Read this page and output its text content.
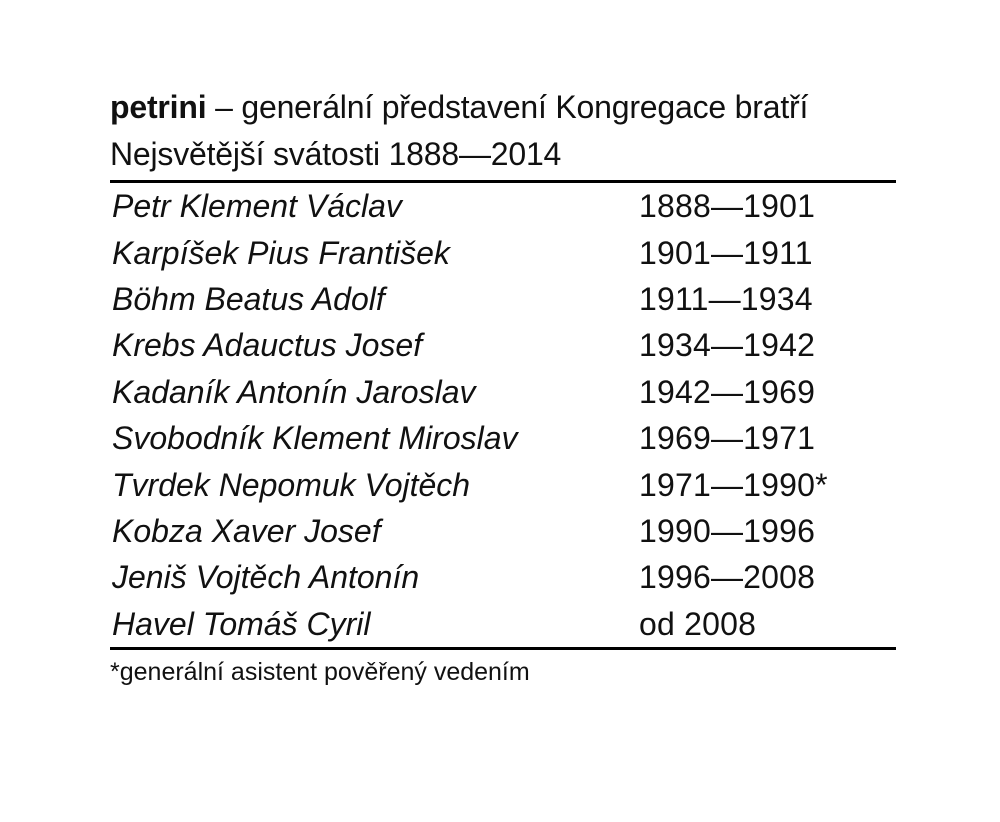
petrini – generální představení Kongregace bratří
Nejsvětější svátosti 1888—2014
Petr Klement Václav	1888—1901
Karpíšek Pius František	1901—1911
Böhm Beatus Adolf	1911—1934
Krebs Adauctus Josef	1934—1942
Kadaník Antonín Jaroslav	1942—1969
Svobodník Klement Miroslav	1969—1971
Tvrdek Nepomuk Vojtěch	1971—1990*
Kobza Xaver Josef	1990—1996
Jeniš Vojtěch Antonín	1996—2008
Havel Tomáš Cyril	od 2008
*generální asistent pověřený vedením
